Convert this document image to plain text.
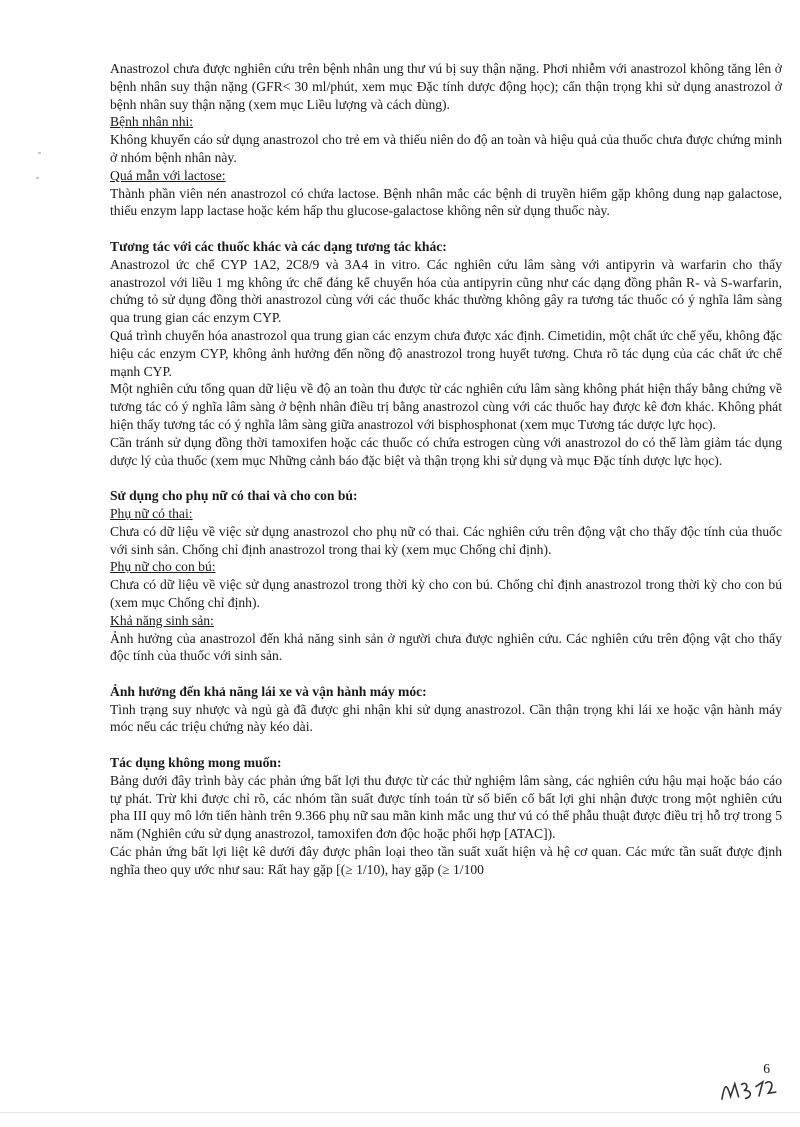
Anastrozol chưa được nghiên cứu trên bệnh nhân ung thư vú bị suy thận nặng. Phơi nhiễm với anastrozol không tăng lên ở bệnh nhân suy thận nặng (GFR< 30 ml/phút, xem mục Đặc tính dược động học); cẩn thận trọng khi sử dụng anastrozol ở bệnh nhân suy thận nặng (xem mục Liều lượng và cách dùng).

Bệnh nhân nhi:

Không khuyến cáo sử dụng anastrozol cho trẻ em và thiếu niên do độ an toàn và hiệu quả của thuốc chưa được chứng minh ở nhóm bệnh nhân này.

Quá mẫn với lactose:

Thành phần viên nén anastrozol có chứa lactose. Bệnh nhân mắc các bệnh di truyền hiếm gặp không dung nạp galactose, thiếu enzym lapp lactase hoặc kém hấp thu glucose-galactose không nên sử dụng thuốc này.

Tương tác với các thuốc khác và các dạng tương tác khác:

Anastrozol ức chế CYP 1A2, 2C8/9 và 3A4 in vitro. Các nghiên cứu lâm sàng với antipyrin và warfarin cho thấy anastrozol với liều 1 mg không ức chế đáng kể chuyển hóa của antipyrin cũng như các dạng đồng phân R- và S-warfarin, chứng tỏ sử dụng đồng thời anastrozol cùng với các thuốc khác thường không gây ra tương tác thuốc có ý nghĩa lâm sàng qua trung gian các enzym CYP.

Quá trình chuyển hóa anastrozol qua trung gian các enzym chưa được xác định. Cimetidin, một chất ức chế yếu, không đặc hiệu các enzym CYP, không ảnh hưởng đến nồng độ anastrozol trong huyết tương. Chưa rõ tác dụng của các chất ức chế mạnh CYP.

Một nghiên cứu tổng quan dữ liệu về độ an toàn thu được từ các nghiên cứu lâm sàng không phát hiện thấy bằng chứng về tương tác có ý nghĩa lâm sàng ở bệnh nhân điều trị bằng anastrozol cùng với các thuốc hay được kê đơn khác. Không phát hiện thấy tương tác có ý nghĩa lâm sàng giữa anastrozol với bisphosphonat (xem mục Tương tác dược lực học).

Cần tránh sử dụng đồng thời tamoxifen hoặc các thuốc có chứa estrogen cùng với anastrozol do có thể làm giảm tác dụng dược lý của thuốc (xem mục Những cảnh báo đặc biệt và thận trọng khi sử dụng và mục Đặc tính dược lực học).

Sử dụng cho phụ nữ có thai và cho con bú:

Phụ nữ có thai:

Chưa có dữ liệu về việc sử dụng anastrozol cho phụ nữ có thai. Các nghiên cứu trên động vật cho thấy độc tính của thuốc với sinh sản. Chống chỉ định anastrozol trong thai kỳ (xem mục Chống chỉ định).

Phụ nữ cho con bú:

Chưa có dữ liệu về việc sử dụng anastrozol trong thời kỳ cho con bú. Chống chỉ định anastrozol trong thời kỳ cho con bú (xem mục Chống chỉ định).

Khả năng sinh sản:

Ảnh hưởng của anastrozol đến khả năng sinh sản ở người chưa được nghiên cứu. Các nghiên cứu trên động vật cho thấy độc tính của thuốc với sinh sản.

Ảnh hưởng đến khả năng lái xe và vận hành máy móc:

Tình trạng suy nhược và ngủ gà đã được ghi nhận khi sử dụng anastrozol. Cần thận trọng khi lái xe hoặc vận hành máy móc nếu các triệu chứng này kéo dài.

Tác dụng không mong muốn:

Bảng dưới đây trình bày các phản ứng bất lợi thu được từ các thử nghiệm lâm sàng, các nghiên cứu hậu mại hoặc báo cáo tự phát. Trừ khi được chỉ rõ, các nhóm tần suất được tính toán từ số biến cố bất lợi ghi nhận được trong một nghiên cứu pha III quy mô lớn tiến hành trên 9.366 phụ nữ sau mãn kinh mắc ung thư vú có thể phẫu thuật được điều trị hỗ trợ trong 5 năm (Nghiên cứu sử dụng anastrozol, tamoxifen đơn độc hoặc phối hợp [ATAC]).

Các phản ứng bất lợi liệt kê dưới đây được phân loại theo tần suất xuất hiện và hệ cơ quan. Các mức tần suất được định nghĩa theo quy ước như sau: Rất hay gặp [(≥ 1/10), hay gặp (≥ 1/100

6
